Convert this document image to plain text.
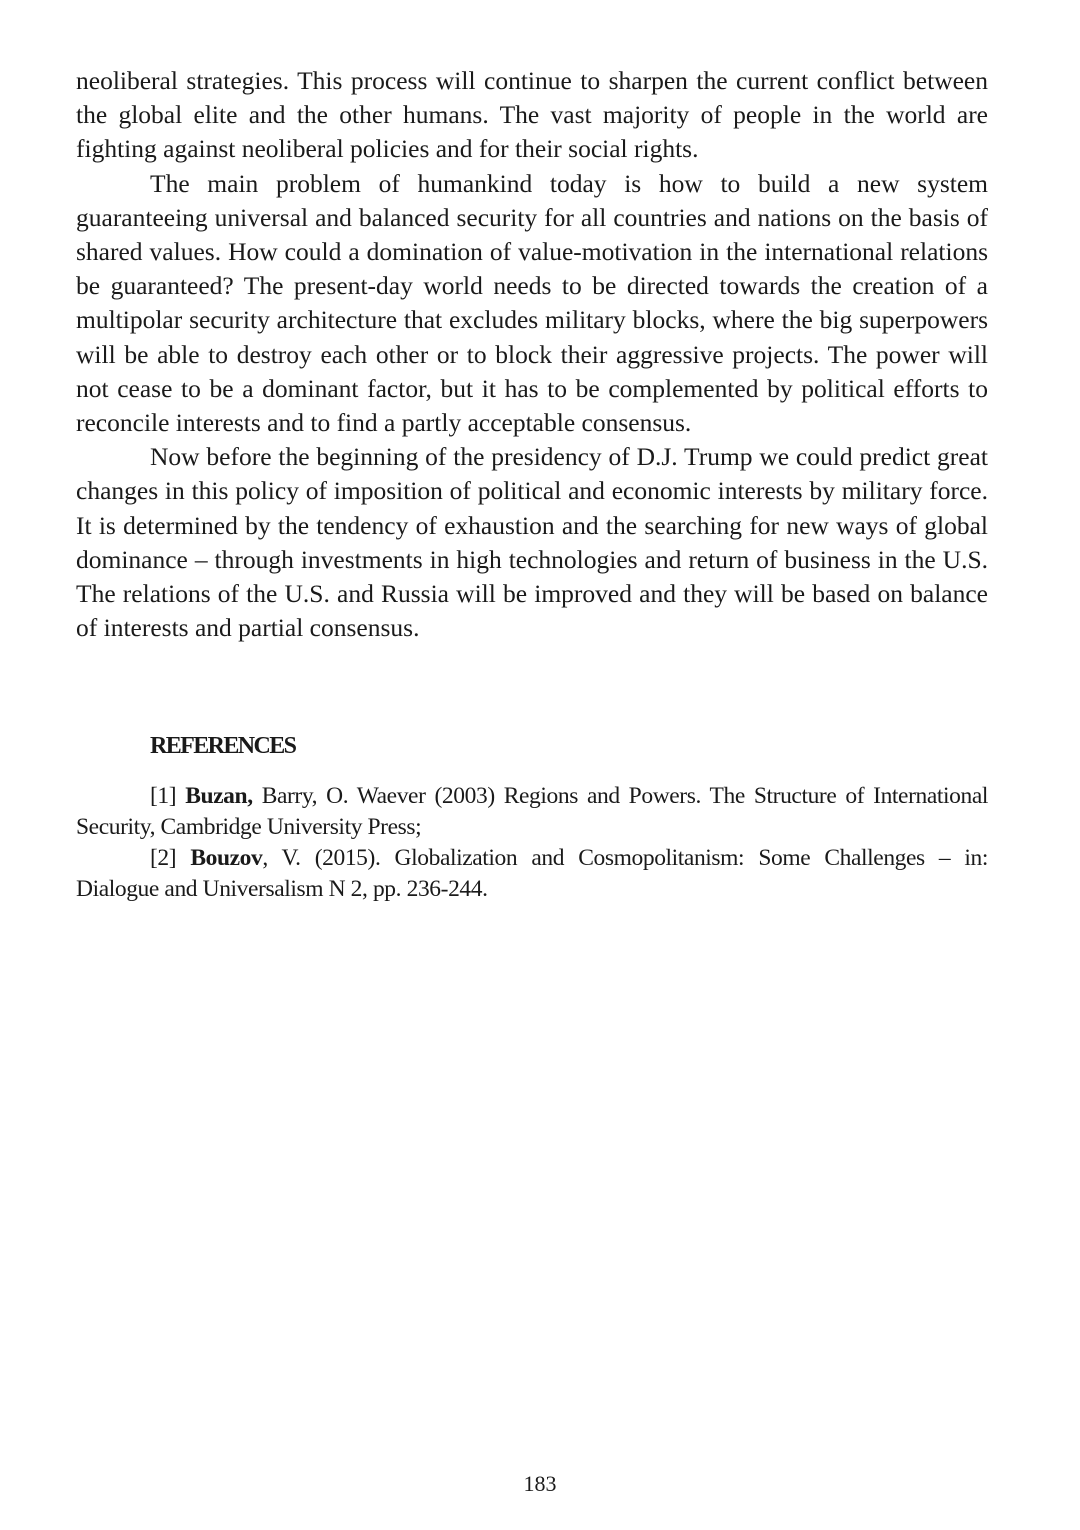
neoliberal strategies. This process will continue to sharpen the current conflict between the global elite and the other humans. The vast majority of people in the world are fighting against neoliberal policies and for their social rights.

The main problem of humankind today is how to build a new system guaranteeing universal and balanced security for all countries and nations on the basis of shared values. How could a domination of value-motivation in the international relations be guaranteed? The present-day world needs to be directed towards the creation of a multipolar security architecture that excludes military blocks, where the big superpowers will be able to destroy each other or to block their aggressive projects. The power will not cease to be a dominant factor, but it has to be complemented by political efforts to reconcile interests and to find a partly acceptable consensus.

Now before the beginning of the presidency of D.J. Trump we could predict great changes in this policy of imposition of political and economic interests by military force. It is determined by the tendency of exhaustion and the searching for new ways of global dominance – through investments in high technologies and return of business in the U.S. The relations of the U.S. and Russia will be improved and they will be based on balance of interests and partial consensus.

REFERENCES

[1] Buzan, Barry, O. Waever (2003) Regions and Powers. The Structure of International Security, Cambridge University Press;

[2] Bouzov, V. (2015). Globalization and Cosmopolitanism: Some Challenges – in: Dialogue and Universalism N 2, pp. 236-244.

183
